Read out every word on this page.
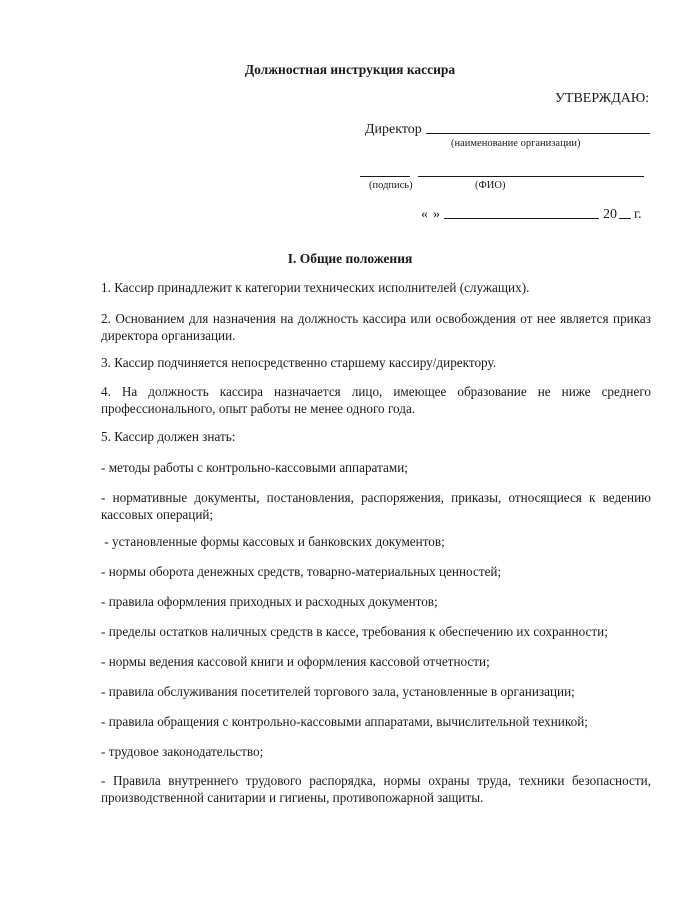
Должностная инструкция кассира
УТВЕРЖДАЮ:
Директор
(наименование организации)
(подпись)	(ФИО)
« »	20 г.
I. Общие положения
1. Кассир принадлежит к категории технических исполнителей (служащих).
2. Основанием для назначения на должность кассира или освобождения от нее является приказ директора организации.
3. Кассир подчиняется непосредственно старшему кассиру/директору.
4. На должность кассира назначается лицо, имеющее образование не ниже среднего профессионального, опыт работы не менее одного года.
5. Кассир должен знать:
- методы работы с контрольно-кассовыми аппаратами;
- нормативные документы, постановления, распоряжения, приказы, относящиеся к ведению кассовых операций;
- установленные формы кассовых и банковских документов;
- нормы оборота денежных средств, товарно-материальных ценностей;
- правила оформления приходных и расходных документов;
- пределы остатков наличных средств в кассе, требования к обеспечению их сохранности;
- нормы ведения кассовой книги и оформления кассовой отчетности;
- правила обслуживания посетителей торгового зала, установленные в организации;
- правила обращения с контрольно-кассовыми аппаратами, вычислительной техникой;
- трудовое законодательство;
- Правила внутреннего трудового распорядка, нормы охраны труда, техники безопасности, производственной санитарии и гигиены, противопожарной защиты.
